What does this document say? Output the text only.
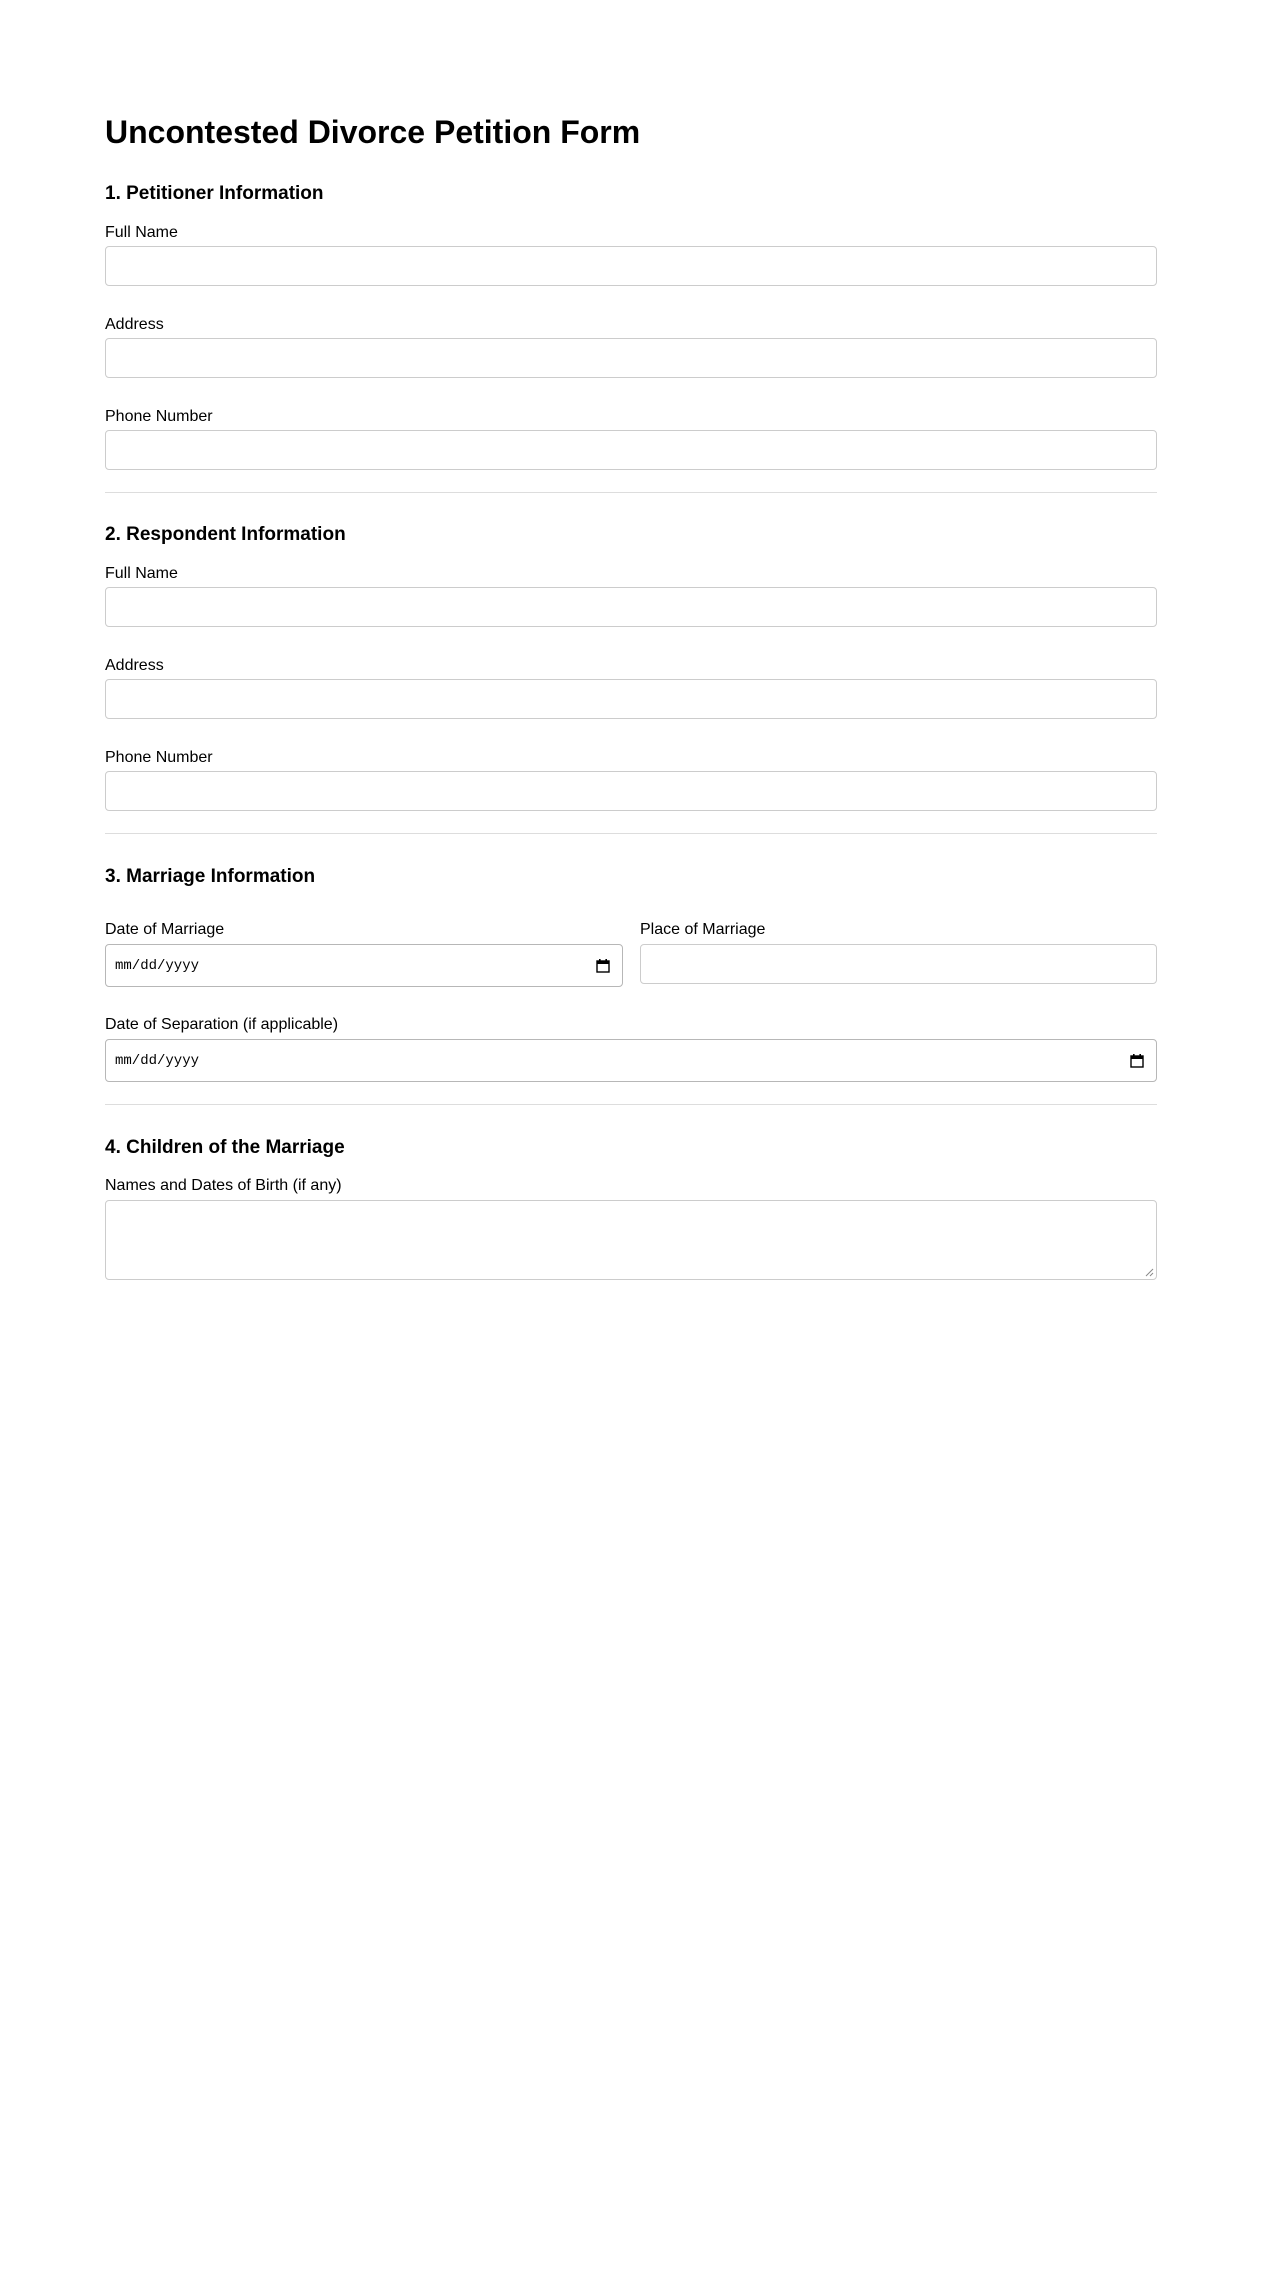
Uncontested Divorce Petition Form
1. Petitioner Information
Full Name
Address
Phone Number
2. Respondent Information
Full Name
Address
Phone Number
3. Marriage Information
Date of Marriage
mm/dd/yyyy
Place of Marriage
Date of Separation (if applicable)
mm/dd/yyyy
4. Children of the Marriage
Names and Dates of Birth (if any)
